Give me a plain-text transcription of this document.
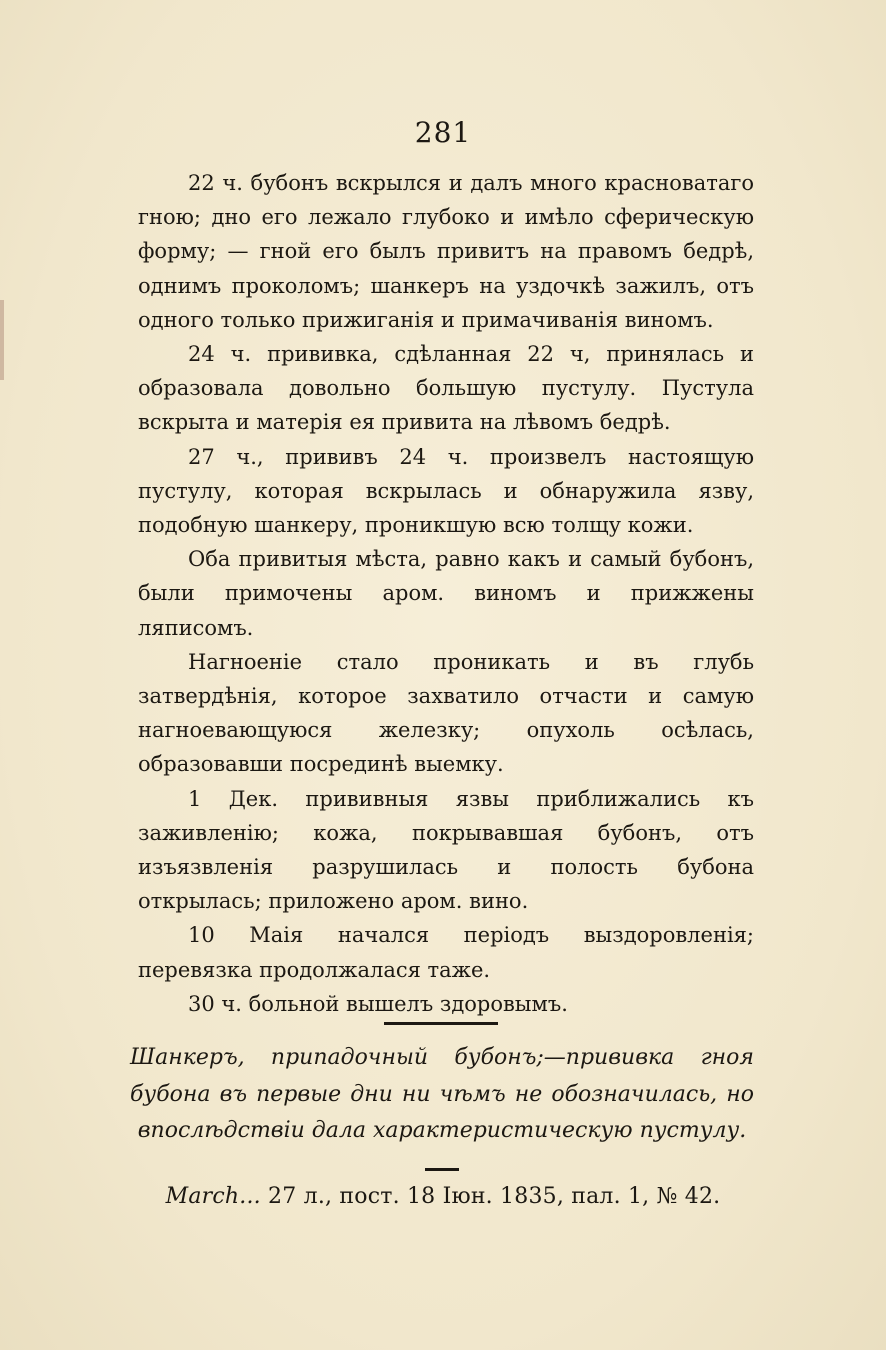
281

22 ч. бубонъ вскрылся и далъ много красноватаго гною; дно его лежало глубоко и имѣло сферическую форму; — гной его былъ привитъ на правомъ бедрѣ, однимъ проколомъ; шанкеръ на уздочкѣ зажилъ, отъ одного только прижиганія и примачиванія виномъ.

24 ч. прививка, сдѣланная 22 ч, принялась и образовала довольно большую пустулу. Пустула вскрыта и матерія ея привита на лѣвомъ бедрѣ.

27 ч., прививъ 24 ч. произвелъ настоящую пустулу, которая вскрылась и обнаружила язву, подобную шанкеру, проникшую всю толщу кожи.

Оба привитыя мѣста, равно какъ и самый бубонъ, были примочены аром. виномъ и прижжены ляписомъ.

Нагноеніе стало проникать и въ глубь затвердѣнія, которое захватило отчасти и самую нагноевающуюся железку; опухоль осѣлась, образовавши посрединѣ выемку.

1 Дек. прививныя язвы приближались къ заживленію; кожа, покрывавшая бубонъ, отъ изъязвленія разрушилась и полость бубона открылась; приложено аром. вино.

10 Маія начался періодъ выздоровленія; перевязка продолжалася таже.

30 ч. больной вышелъ здоровымъ.

Шанкеръ, припадочный бубонъ;—прививка гноя бубона въ первые дни ни чѣмъ не обозначилась, но впослѣдствіи дала характеристическую пустулу.

March... 27 л., пост. 18 Іюн. 1835, пал. 1, № 42.
